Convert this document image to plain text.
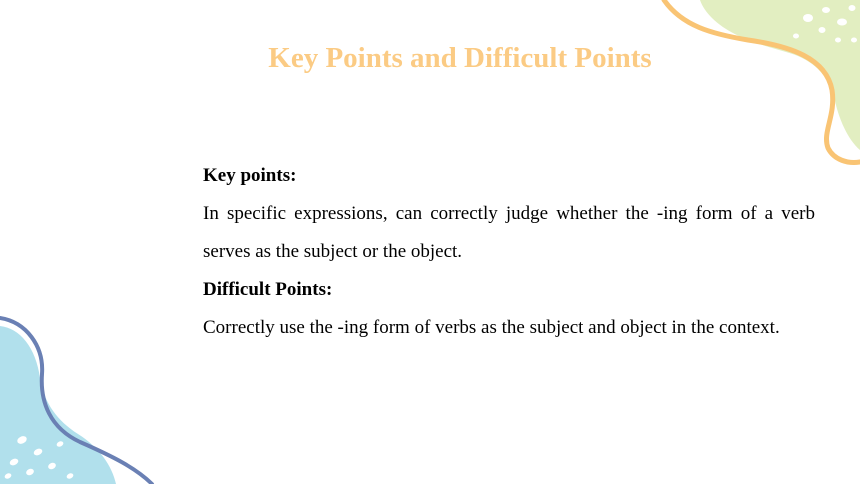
Key Points and Difficult Points

Key points:

In specific expressions, can correctly judge whether the -ing form of a verb serves as the subject or the object.

Difficult Points:

Correctly use the -ing form of verbs as the subject and object in the context.
